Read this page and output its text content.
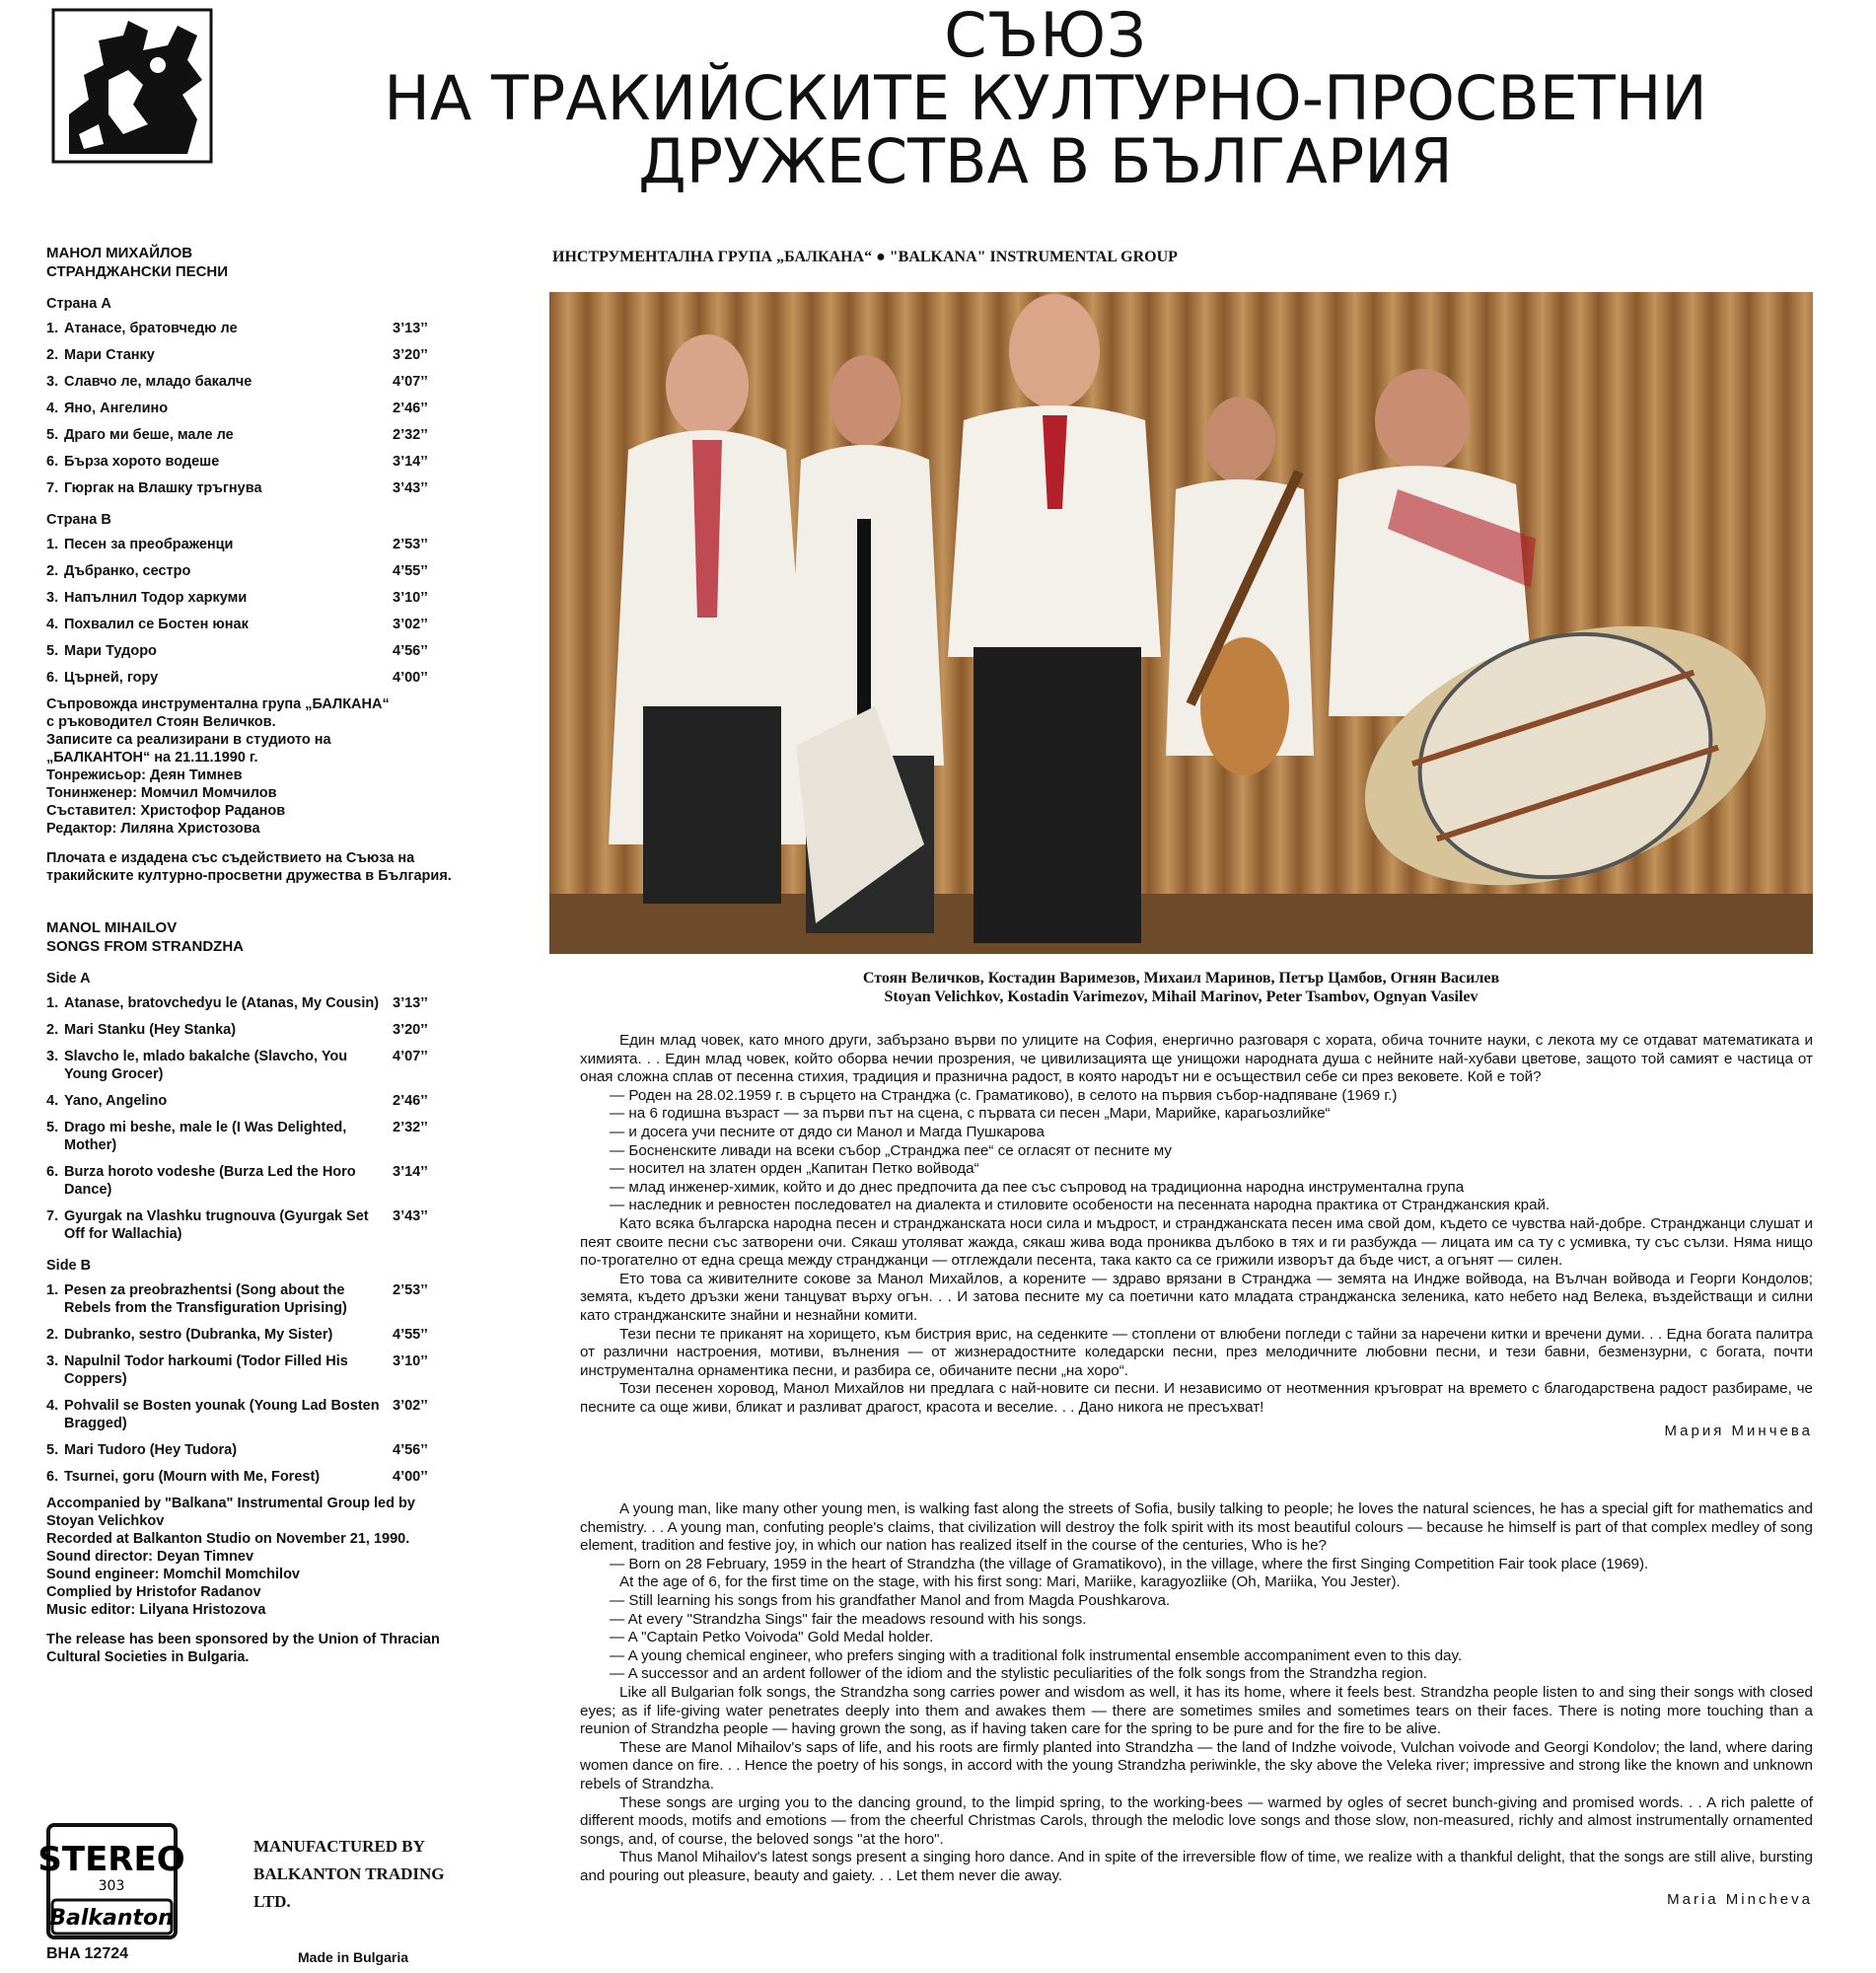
СЪЮЗ
НА ТРАКИЙСКИТЕ КУЛТУРНО-ПРОСВЕТНИ
ДРУЖЕСТВА В БЪЛГАРИЯ
МАНОЛ МИХАЙЛОВ
СТРАНДЖАНСКИ ПЕСНИ
Страна А
1. Атанасе, братовчедю ле	3’13’’
2. Мари Станку	3’20’’
3. Славчо ле, младо бакалче	4’07’’
4. Яно, Ангелино	2’46’’
5. Драго ми беше, мале ле	2’32’’
6. Бърза хорото водеше	3’14’’
7. Гюргак на Влашку тръгнува	3’43’’
Страна В
1. Песен за преображенци	2’53’’
2. Дъбранко, сестро	4’55’’
3. Напълнил Тодор харкуми	3’10’’
4. Похвалил се Бостен юнак	3’02’’
5. Мари Тудоро	4’56’’
6. Църней, гору	4’00’’

Съпровожда инструментална група „БАЛКАНА“

с ръководител Стоян Величков.

Записите са реализирани в студиото на

„БАЛКАНТОН“ на 21.11.1990 г.

Тонрежисьор: Деян Тимнев

Тонинженер: Момчил Момчилов

Съставител: Христофор Раданов

Редактор: Лиляна Христозова

Плочата е издадена със съдействието на Съюза на тракийските културно-просветни дружества в България.
MANOL MIHAILOV
SONGS FROM STRANDZHA
Side A
1. Atanase, bratovchedyu le (Atanas, My Cousin) 3’13’’
2. Mari Stanku (Hey Stanka)	3’20’’
3. Slavcho le, mlado bakalche (Slavcho, You Young Grocer)
4’07’’
4. Yano, Angelino	2’46’’
5. Drago mi beshe, male le (I Was Delighted, Mother)
2’32’’
6. Burza horoto vodeshe (Burza Led the Horo Dance)
3’14’’
7. Gyurgak na Vlashku trugnouva (Gyurgak Set Off for Wallachia)
3’43’’
Side B
1. Pesen za preobrazhentsi (Song about the Rebels from the Transfiguration Uprising)
2’53’’
2. Dubranko, sestro (Dubranka, My Sister)	4’55’’
3. Napulnil Todor harkoumi (Todor Filled His Coppers)
3’10’’
4. Pohvalil se Bosten younak (Young Lad Bosten Bragged)
3’02’’
5. Mari Tudoro (Hey Tudora)	4’56’’
6. Tsurnei, goru (Mourn with Me, Forest)	4’00’’

Accompanied by "Balkana" Instrumental Group led by Stoyan Velichkov

Recorded at Balkanton Studio on November 21, 1990.

Sound director: Deyan Timnev

Sound engineer: Momchil Momchilov

Complied by Hristofor Radanov

Music editor: Lilyana Hristozova

The release has been sponsored by the Union of Thracian Cultural Societies in Bulgaria.
ИНСТРУМЕНТАЛНА ГРУПА „БАЛКАНА“ ● "BALKANA" INSTRUMENTAL GROUP
Стоян Величков, Костадин Варимезов, Михаил Маринов, Петър Цамбов, Огнян Василев
Stoyan Velichkov, Kostadin Varimezov, Mihail Marinov, Peter Tsambov, Ognyan Vasilev

Един млад човек, като много други, забързано върви по улиците на София, енергично разговаря с хората, обича точните науки, с лекота му се отдават математиката и химията. . . Един млад човек, който оборва нечии прозрения, че цивилизацията ще унищожи народната душа с нейните най-хубави цветове, защото той самият е частица от оная сложна сплав от песенна стихия, традиция и празнична радост, в която народът ни е осъществил себе си през вековете. Кой е той?

— Роден на 28.02.1959 г. в сърцето на Странджа (с. Граматиково), в селото на първия събор-надпяване (1969 г.)

— на 6 годишна възраст — за първи път на сцена, с първата си песен „Мари, Марийке, карагьозлийке“

— и досега учи песните от дядо си Манол и Магда Пушкарова

— Босненските ливади на всеки събор „Странджа пее“ се огласят от песните му

— носител на златен орден „Капитан Петко войвода“

— млад инженер-химик, който и до днес предпочита да пее със съпровод на традиционна народна инструментална група

— наследник и ревностен последовател на диалекта и стиловите особености на песенната народна практика от Странджанския край.

Като всяка българска народна песен и странджанската носи сила и мъдрост, и странджанската песен има свой дом, където се чувства най-добре. Странджанци слушат и пеят своите песни със затворени очи. Сякаш утоляват жажда, сякаш жива вода прониква дълбоко в тях и ги разбужда — лицата им са ту с усмивка, ту със сълзи. Няма нищо по-трогателно от една среща между странджанци — отглеждали песента, така както са се грижили изворът да бъде чист, а огънят — силен.

Ето това са живителните сокове за Манол Михайлов, а корените — здраво врязани в Странджа — земята на Индже войвода, на Вълчан войвода и Георги Кондолов; земята, където дръзки жени танцуват върху огън. . . И затова песните му са поетични като младата странджанска зеленика, като небето над Велека, въздействащи и силни като странджанските знайни и незнайни комити.

Тези песни те приканят на хорището, към бистрия врис, на седенките — стоплени от влюбени погледи с тайни за наречени китки и вречени думи. . . Една богата палитра от различни настроения, мотиви, вълнения — от жизнерадостните коледарски песни, през мелодичните любовни песни, и тези бавни, безмензурни, с богата, почти инструментална орнаментика песни, и разбира се, обичаните песни „на хоро“.

Този песенен хоровод, Манол Михайлов ни предлага с най-новите си песни. И независимо от неотменния кръговрат на времето с благодарствена радост разбираме, че песните са още живи, бликат и разливат драгост, красота и веселие. . . Дано никога не пресъхват!

Мария Минчева

A young man, like many other young men, is walking fast along the streets of Sofia, busily talking to people; he loves the natural sciences, he has a special gift for mathematics and chemistry. . . A young man, confuting people's claims, that civilization will destroy the folk spirit with its most beautiful colours — because he himself is part of that complex medley of song element, tradition and festive joy, in which our nation has realized itself in the course of the centuries, Who is he?

— Born on 28 February, 1959 in the heart of Strandzha (the village of Gramatikovo), in the village, where the first Singing Competition Fair took place (1969).

At the age of 6, for the first time on the stage, with his first song: Mari, Mariike, karagyozliike (Oh, Mariika, You Jester).

— Still learning his songs from his grandfather Manol and from Magda Poushkarova.

— At every "Strandzha Sings" fair the meadows resound with his songs.

— A "Captain Petko Voivoda" Gold Medal holder.

— A young chemical engineer, who prefers singing with a traditional folk instrumental ensemble accompaniment even to this day.

— A successor and an ardent follower of the idiom and the stylistic peculiarities of the folk songs from the Strandzha region.

Like all Bulgarian folk songs, the Strandzha song carries power and wisdom as well, it has its home, where it feels best. Strandzha people listen to and sing their songs with closed eyes; as if life-giving water penetrates deeply into them and awakes them — there are sometimes smiles and sometimes tears on their faces. There is noting more touching than a reunion of Strandzha people — having grown the song, as if having taken care for the spring to be pure and for the fire to be alive.

These are Manol Mihailov's saps of life, and his roots are firmly planted into Strandzha — the land of Indzhe voivode, Vulchan voivode and Georgi Kondolov; the land, where daring women dance on fire. . . Hence the poetry of his songs, in accord with the young Strandzha periwinkle, the sky above the Veleka river; impressive and strong like the known and unknown rebels of Strandzha.

These songs are urging you to the dancing ground, to the limpid spring, to the working-bees — warmed by ogles of secret bunch-giving and promised words. . . A rich palette of different moods, motifs and emotions — from the cheerful Christmas Carols, through the melodic love songs and those slow, non-measured, richly and almost instrumentally ornamented songs, and, of course, the beloved songs "at the horo".

Thus Manol Mihailov's latest songs present a singing horo dance. And in spite of the irreversible flow of time, we realize with a thankful delight, that the songs are still alive, bursting and pouring out pleasure, beauty and gaiety. . . Let them never die away.

Maria Mincheva
STEREO
303
Balkanton
MANUFACTURED BY
BALKANTON TRADING LTD.
BHA 12724	Made in Bulgaria
